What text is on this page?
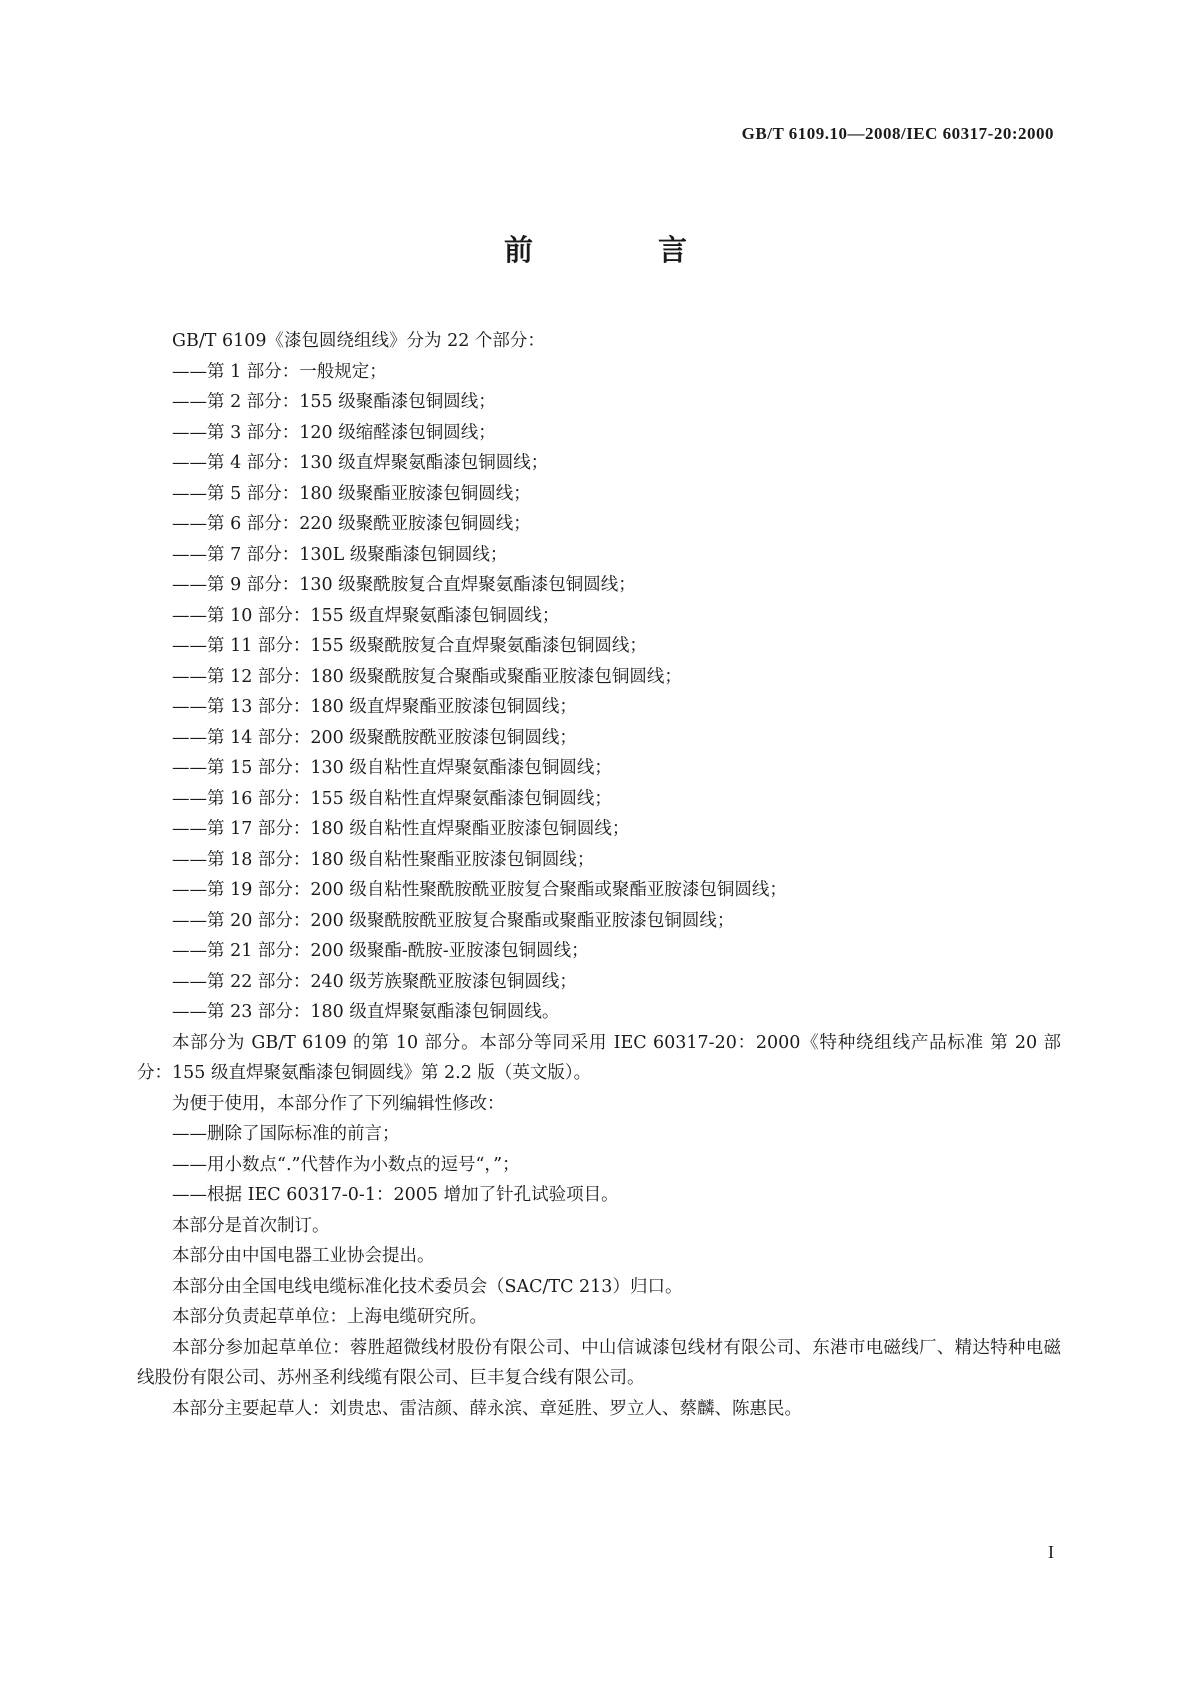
GB/T 6109.10—2008/IEC 60317-20:2000
前　言

GB/T 6109《漆包圆绕组线》分为 22 个部分：

——第 1 部分：一般规定；

——第 2 部分：155 级聚酯漆包铜圆线；

——第 3 部分：120 级缩醛漆包铜圆线；

——第 4 部分：130 级直焊聚氨酯漆包铜圆线；

——第 5 部分：180 级聚酯亚胺漆包铜圆线；

——第 6 部分：220 级聚酰亚胺漆包铜圆线；

——第 7 部分：130L 级聚酯漆包铜圆线；

——第 9 部分：130 级聚酰胺复合直焊聚氨酯漆包铜圆线；

——第 10 部分：155 级直焊聚氨酯漆包铜圆线；

——第 11 部分：155 级聚酰胺复合直焊聚氨酯漆包铜圆线；

——第 12 部分：180 级聚酰胺复合聚酯或聚酯亚胺漆包铜圆线；

——第 13 部分：180 级直焊聚酯亚胺漆包铜圆线；

——第 14 部分：200 级聚酰胺酰亚胺漆包铜圆线；

——第 15 部分：130 级自粘性直焊聚氨酯漆包铜圆线；

——第 16 部分：155 级自粘性直焊聚氨酯漆包铜圆线；

——第 17 部分：180 级自粘性直焊聚酯亚胺漆包铜圆线；

——第 18 部分：180 级自粘性聚酯亚胺漆包铜圆线；

——第 19 部分：200 级自粘性聚酰胺酰亚胺复合聚酯或聚酯亚胺漆包铜圆线；

——第 20 部分：200 级聚酰胺酰亚胺复合聚酯或聚酯亚胺漆包铜圆线；

——第 21 部分：200 级聚酯-酰胺-亚胺漆包铜圆线；

——第 22 部分：240 级芳族聚酰亚胺漆包铜圆线；

——第 23 部分：180 级直焊聚氨酯漆包铜圆线。

本部分为 GB/T 6109 的第 10 部分。本部分等同采用 IEC 60317-20：2000《特种绕组线产品标准 第 20 部分：155 级直焊聚氨酯漆包铜圆线》第 2.2 版（英文版）。

为便于使用，本部分作了下列编辑性修改：

——删除了国际标准的前言；

——用小数点“.”代替作为小数点的逗号“，”；

——根据 IEC 60317-0-1：2005 增加了针孔试验项目。

本部分是首次制订。

本部分由中国电器工业协会提出。

本部分由全国电线电缆标准化技术委员会（SAC/TC 213）归口。

本部分负责起草单位：上海电缆研究所。

本部分参加起草单位：蓉胜超微线材股份有限公司、中山信诚漆包线材有限公司、东港市电磁线厂、精达特种电磁线股份有限公司、苏州圣利线缆有限公司、巨丰复合线有限公司。

本部分主要起草人：刘贵忠、雷洁颜、薛永滨、章延胜、罗立人、蔡麟、陈惠民。

I
